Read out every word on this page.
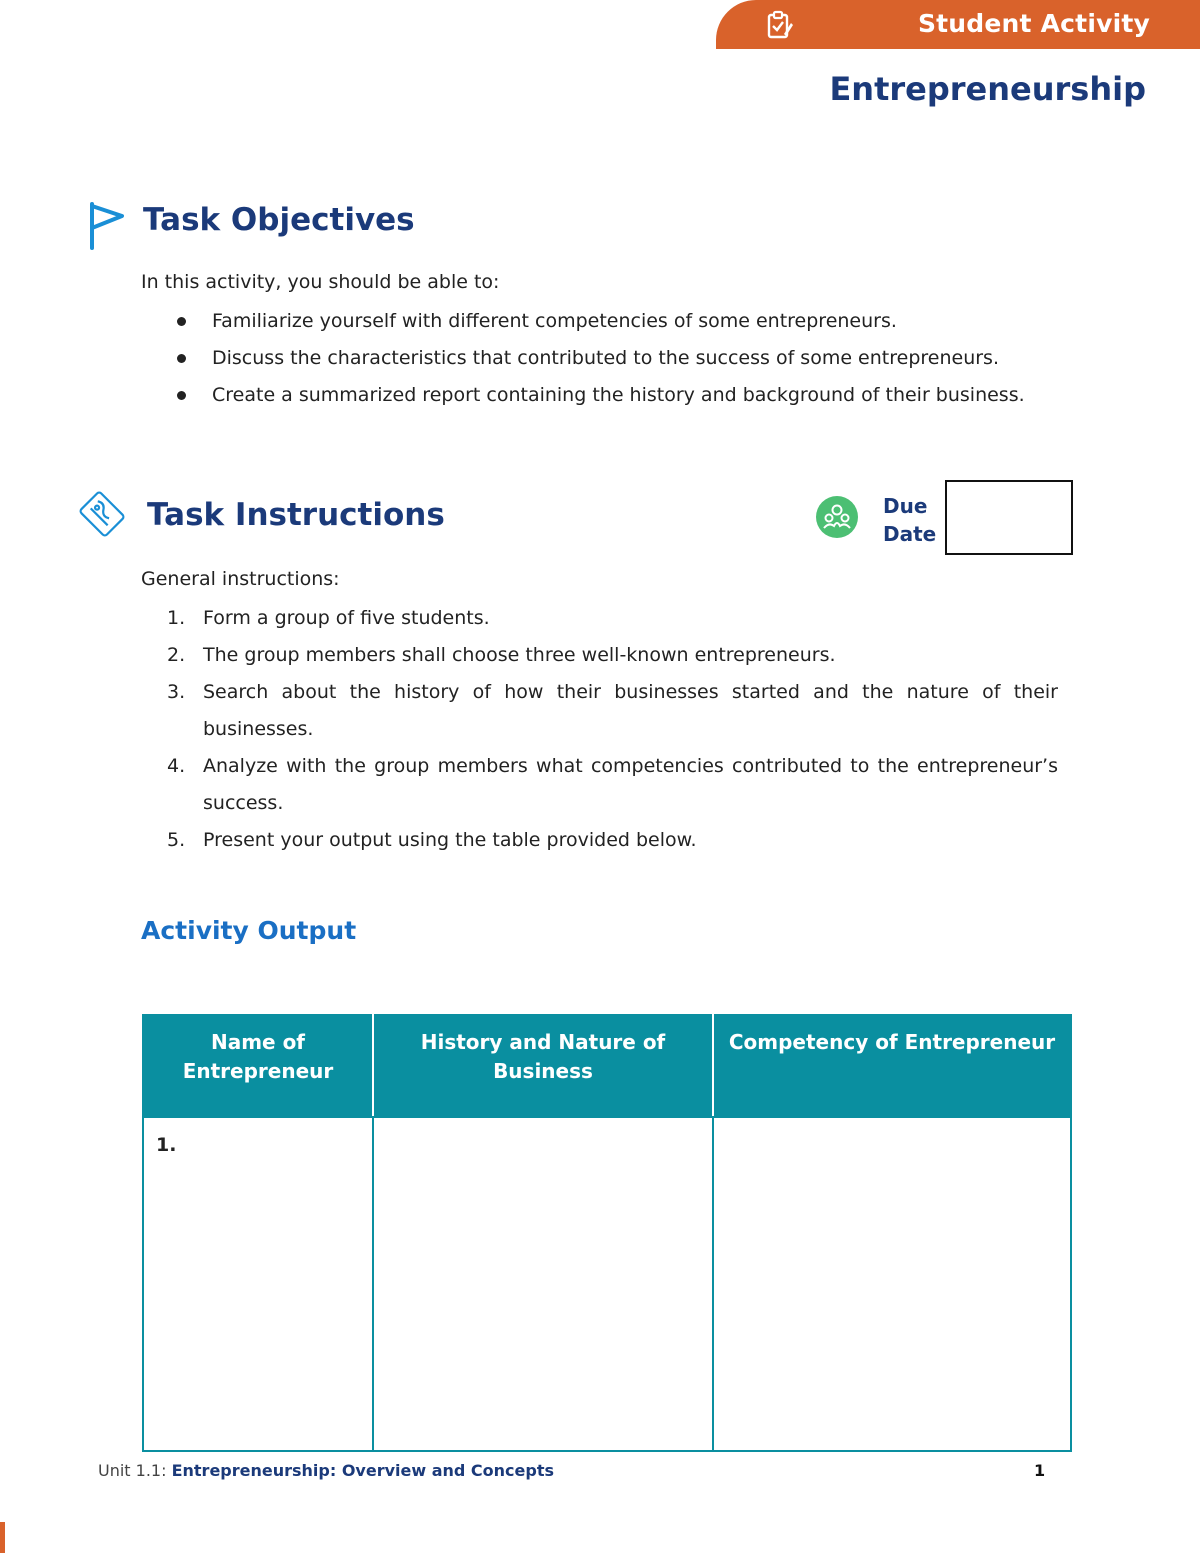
Student Activity
Entrepreneurship
Task Objectives
In this activity, you should be able to:
Familiarize yourself with different competencies of some entrepreneurs.
Discuss the characteristics that contributed to the success of some entrepreneurs.
Create a summarized report containing the history and background of their business.
Task Instructions	Due Date
General instructions:
1. Form a group of five students.
2. The group members shall choose three well-known entrepreneurs.
3. Search about the history of how their businesses started and the nature of their businesses.
4. Analyze with the group members what competencies contributed to the entrepreneur’s success.
5. Present your output using the table provided below.
Activity Output
Name of Entrepreneur	History and Nature of Business	Competency of Entrepreneur
1.		
Unit 1.1: Entrepreneurship: Overview and Concepts	1
